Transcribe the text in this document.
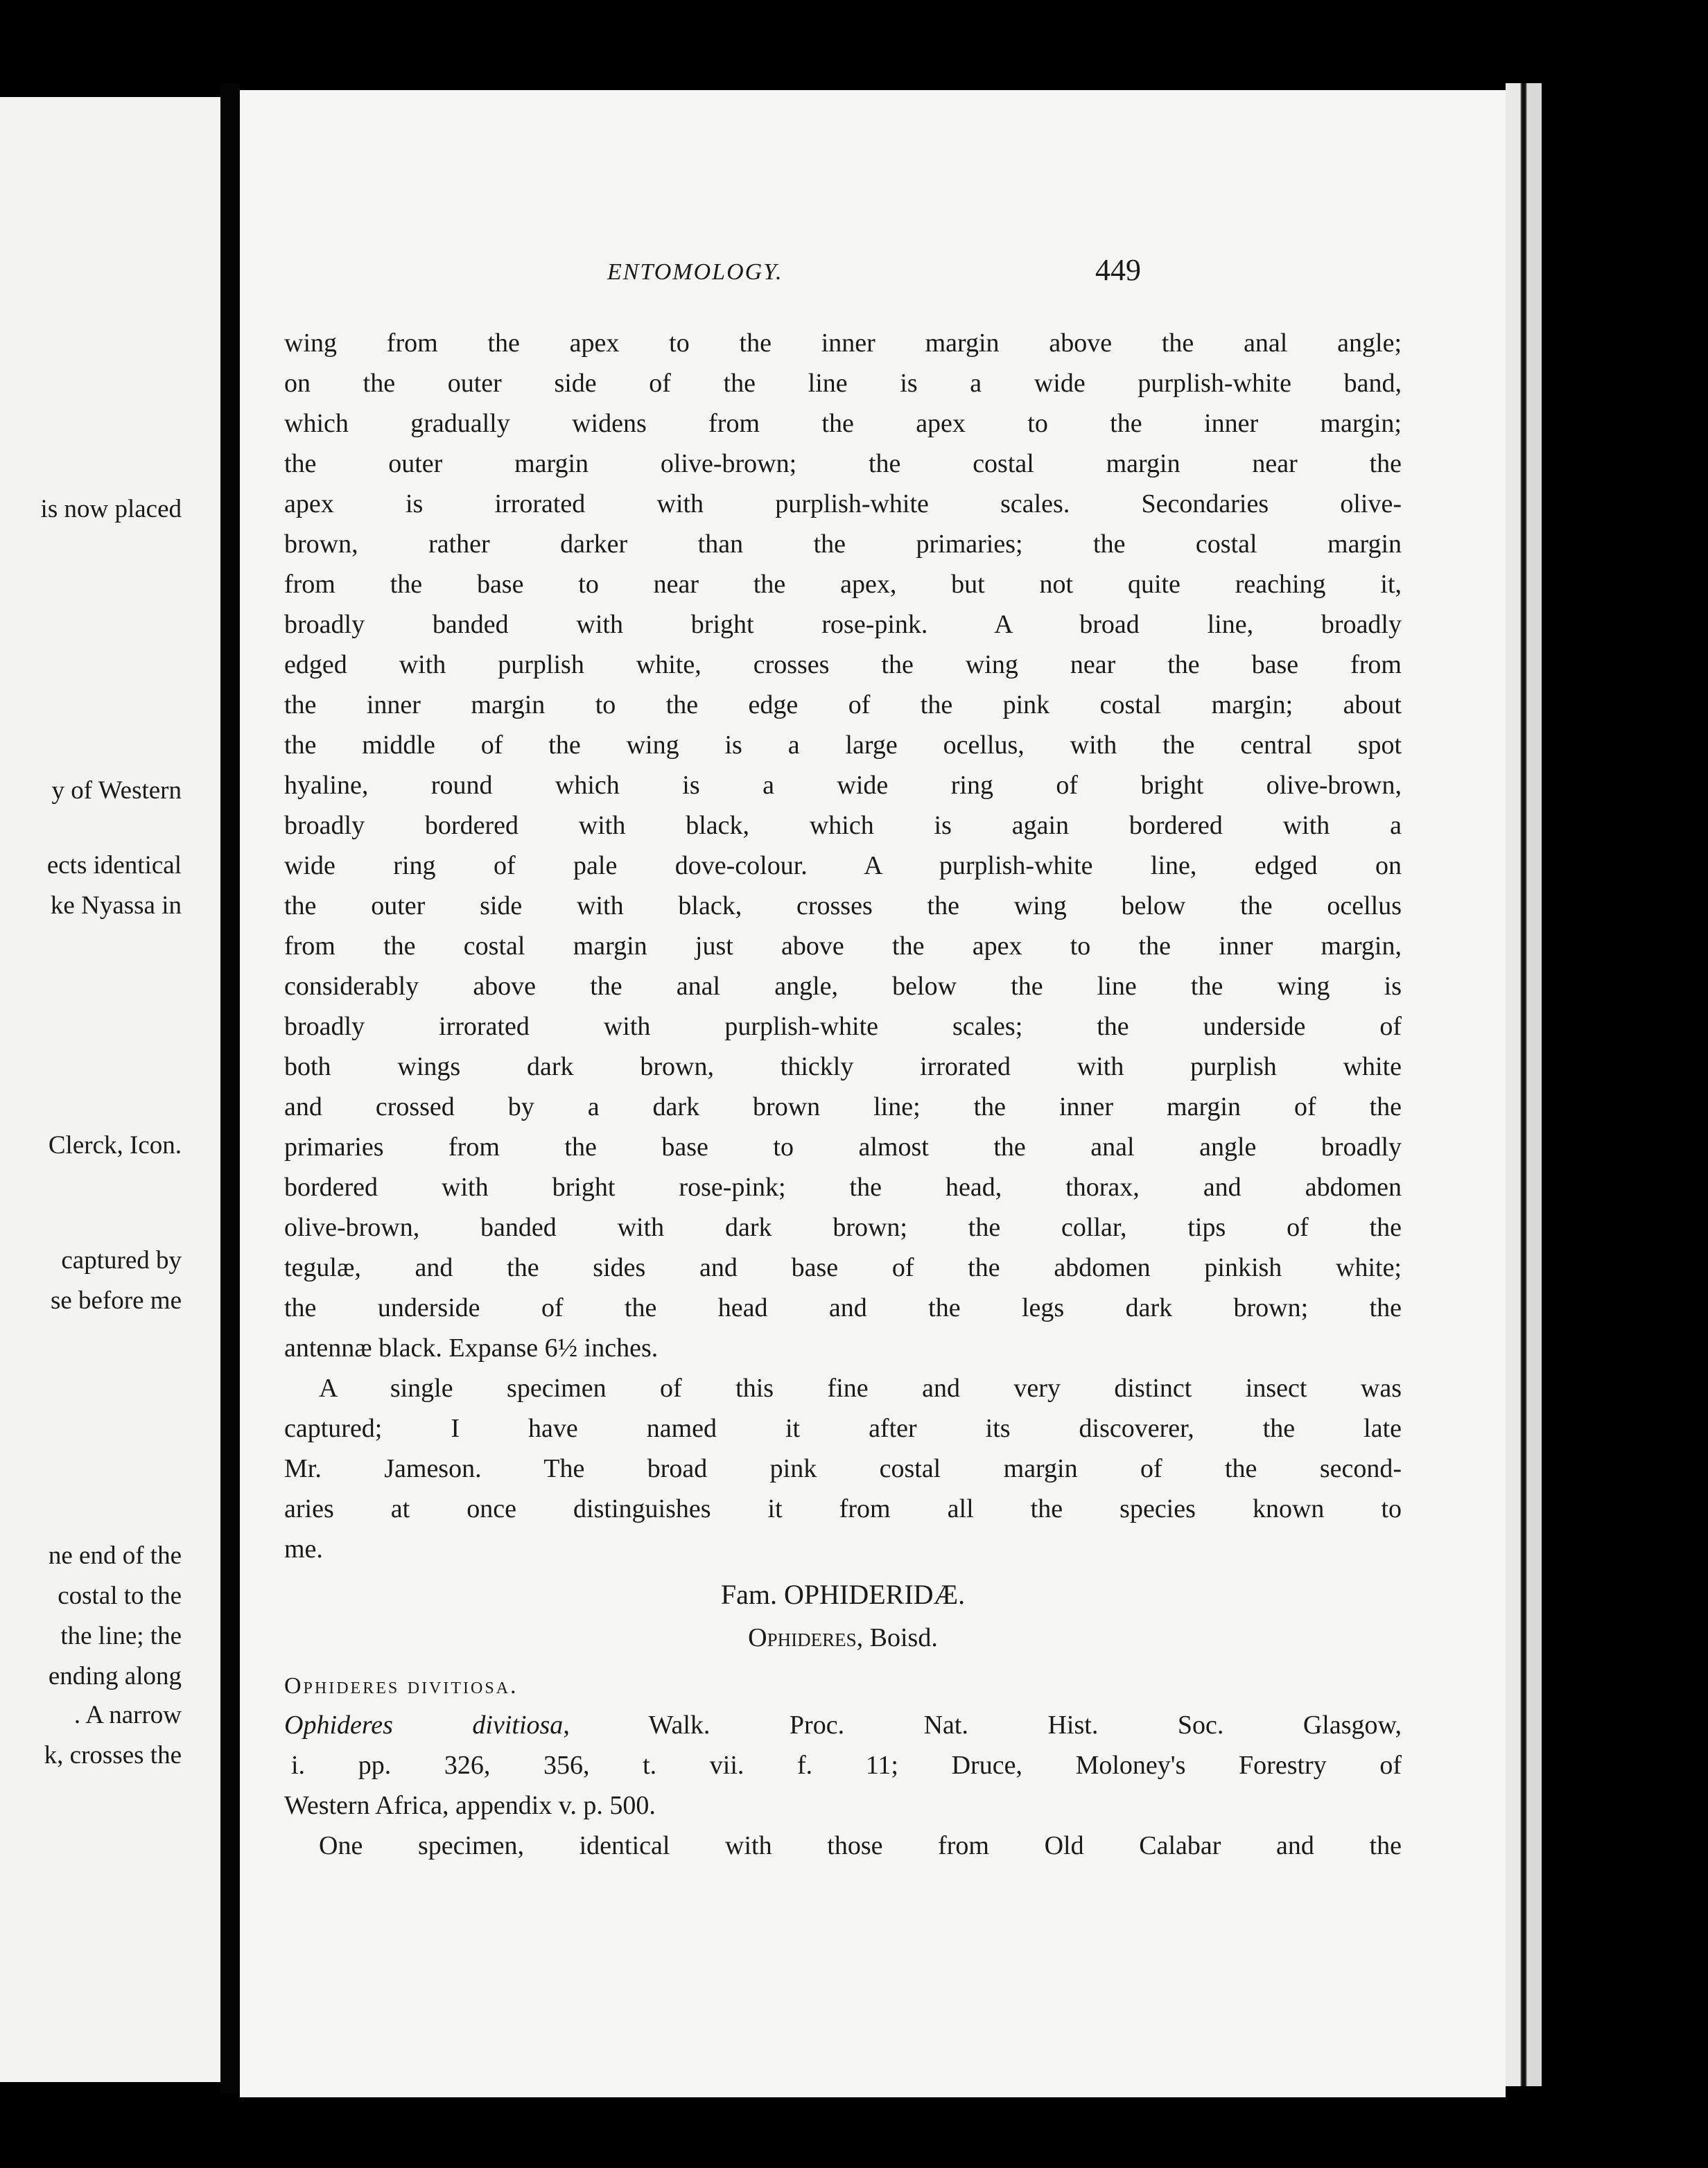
is now placed
y of Western
ects identical
ke Nyassa in
Clerck, Icon.
captured by
se before me
ne end of the
costal to the
the line; the
ending along
. A narrow
k, crosses the
ENTOMOLOGY.	449
wing from the apex to the inner margin above the anal angle;
on the outer side of the line is a wide purplish-white band,
which gradually widens from the apex to the inner margin;
the outer margin olive-brown; the costal margin near the
apex is irrorated with purplish-white scales. Secondaries olive-
brown, rather darker than the primaries; the costal margin
from the base to near the apex, but not quite reaching it,
broadly banded with bright rose-pink. A broad line, broadly
edged with purplish white, crosses the wing near the base from
the inner margin to the edge of the pink costal margin; about
the middle of the wing is a large ocellus, with the central spot
hyaline, round which is a wide ring of bright olive-brown,
broadly bordered with black, which is again bordered with a
wide ring of pale dove-colour. A purplish-white line, edged on
the outer side with black, crosses the wing below the ocellus
from the costal margin just above the apex to the inner margin,
considerably above the anal angle, below the line the wing is
broadly irrorated with purplish-white scales; the underside of
both wings dark brown, thickly irrorated with purplish white
and crossed by a dark brown line; the inner margin of the
primaries from the base to almost the anal angle broadly
bordered with bright rose-pink; the head, thorax, and abdomen
olive-brown, banded with dark brown; the collar, tips of the
tegulæ, and the sides and base of the abdomen pinkish white;
the underside of the head and the legs dark brown; the
antennæ black. Expanse 6½ inches.
A single specimen of this fine and very distinct insect was
captured; I have named it after its discoverer, the late
Mr. Jameson. The broad pink costal margin of the second-
aries at once distinguishes it from all the species known to
me.
Fam. OPHIDERIDÆ.
Ophideres, Boisd.
Ophideres divitiosa.
Ophideres divitiosa, Walk. Proc. Nat. Hist. Soc. Glasgow,
i. pp. 326, 356, t. vii. f. 11; Druce, Moloney's Forestry of
Western Africa, appendix v. p. 500.
One specimen, identical with those from Old Calabar and the
